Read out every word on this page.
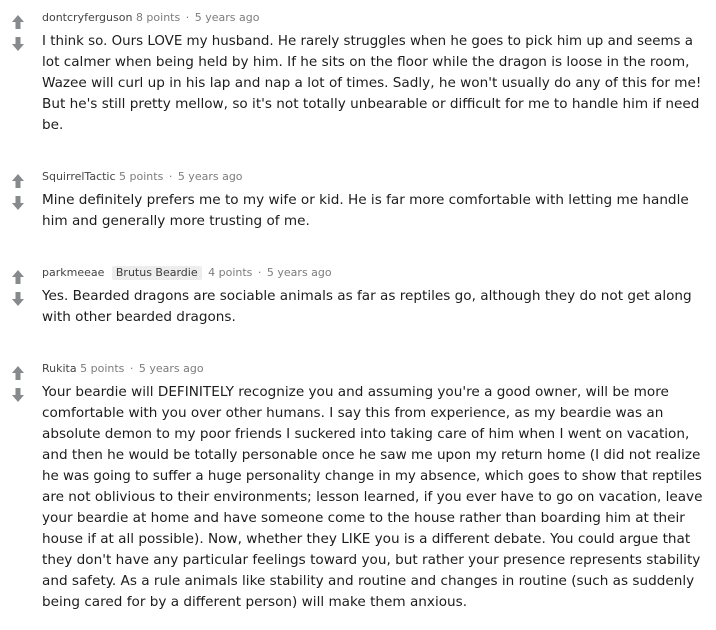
dontcryferguson 8 points · 5 years ago
I think so. Ours LOVE my husband. He rarely struggles when he goes to pick him up and seems a
lot calmer when being held by him. If he sits on the floor while the dragon is loose in the room,
Wazee will curl up in his lap and nap a lot of times. Sadly, he won't usually do any of this for me!
But he's still pretty mellow, so it's not totally unbearable or difficult for me to handle him if need
be.
SquirrelTactic 5 points · 5 years ago
Mine definitely prefers me to my wife or kid. He is far more comfortable with letting me handle
him and generally more trusting of me.
parkmeeae Brutus Beardie 4 points · 5 years ago
Yes. Bearded dragons are sociable animals as far as reptiles go, although they do not get along
with other bearded dragons.
Rukita 5 points · 5 years ago
Your beardie will DEFINITELY recognize you and assuming you're a good owner, will be more
comfortable with you over other humans. I say this from experience, as my beardie was an
absolute demon to my poor friends I suckered into taking care of him when I went on vacation,
and then he would be totally personable once he saw me upon my return home (I did not realize
he was going to suffer a huge personality change in my absence, which goes to show that reptiles
are not oblivious to their environments; lesson learned, if you ever have to go on vacation, leave
your beardie at home and have someone come to the house rather than boarding him at their
house if at all possible). Now, whether they LIKE you is a different debate. You could argue that
they don't have any particular feelings toward you, but rather your presence represents stability
and safety. As a rule animals like stability and routine and changes in routine (such as suddenly
being cared for by a different person) will make them anxious.
